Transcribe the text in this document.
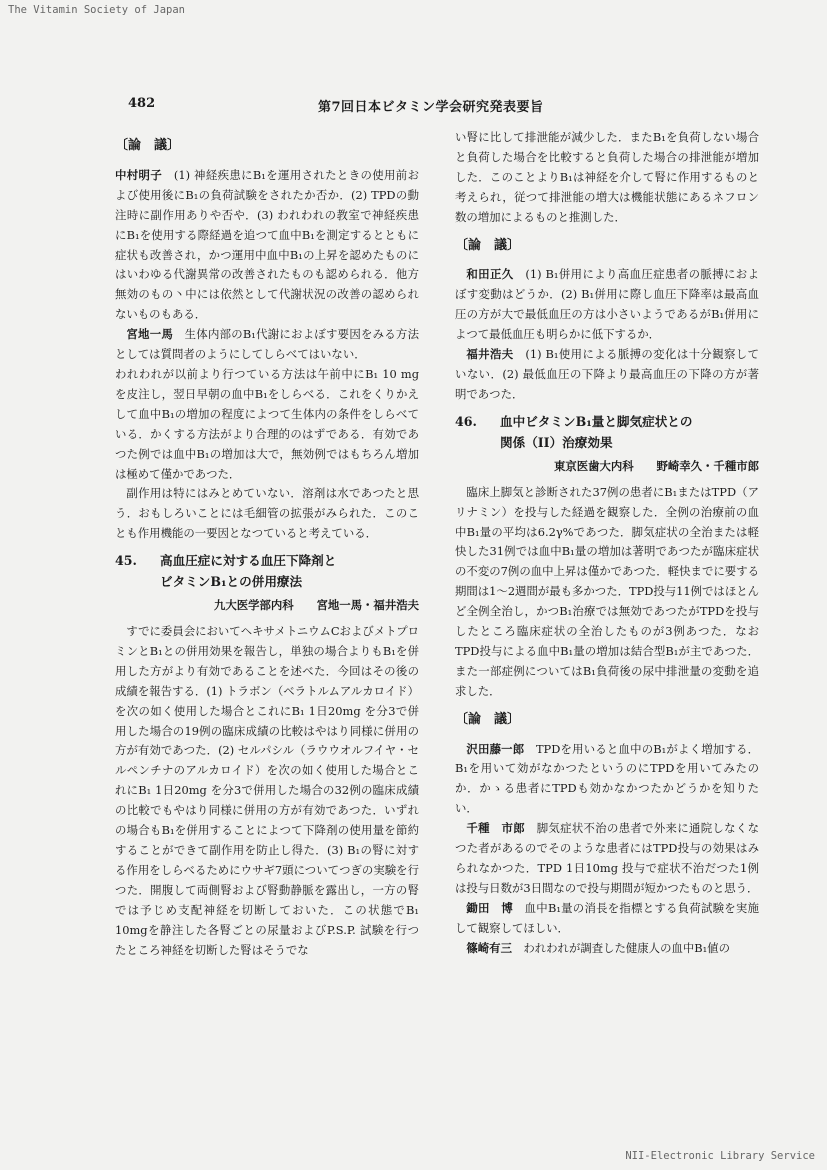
The Vitamin Society of Japan
482	第7回日本ビタミン学会研究発表要旨
〔論　議〕

中村明子　 (1) 神経疾患にB₁を運用されたときの使用前および使用後にB₁の負荷試験をされたか否か．(2) TPDの動注時に副作用ありや否や．(3) われわれの教室で神経疾患にB₁を使用する際経過を追つて血中B₁を測定するとともに症状も改善され，かつ運用中血中B₁の上昇を認めたものにはいわゆる代謝異常の改善されたものも認められる．他方無効のもの丶中には依然として代謝状況の改善の認められないものもある．

宮地一馬　 生体内部のB₁代謝におよぼす要因をみる方法としては質問者のようにしてしらべてはいない．

われわれが以前より行つている方法は午前中にB₁ 10 mg を皮注し，翌日早朝の血中B₁をしらべる．これをくりかえして血中B₁の増加の程度によつて生体内の条件をしらべている．かくする方法がより合理的のはずである．有効であつた例では血中B₁の増加は大で，無効例ではもちろん増加は極めて僅かであつた．

副作用は特にはみとめていない．溶剤は水であつたと思う．おもしろいことには毛細管の拡張がみられた．このことも作用機能の一要因となつていると考えている．

45. 高血圧症に対する血圧下降剤と
ビタミンB₁との併用療法
九大医学部内科　　宮地一馬・福井浩夫

すでに委員会においてヘキサメトニウムCおよびメトプロミンとB₁との併用効果を報告し，単独の場合よりもB₁を併用した方がより有効であることを述べた．今回はその後の成績を報告する．(1) トラボン（ベラトルムアルカロイド）を次の如く使用した場合とこれにB₁ 1日20mg を分3で併用した場合の19例の臨床成績の比較はやはり同様に併用の方が有効であつた．(2) セルパシル（ラウウオルフイヤ・セルペンチナのアルカロイド）を次の如く使用した場合とこれにB₁ 1日20mg を分3で併用した場合の32例の臨床成績の比較でもやはり同様に併用の方が有効であつた．いずれの場合もB₁を併用することによつて下降剤の使用量を節約することができて副作用を防止し得た．(3) B₁の腎に対する作用をしらべるためにウサギ7頭についてつぎの実験を行つた．開腹して両側腎および腎動静脈を露出し，一方の腎では予じめ支配神経を切断しておいた．この状態でB₁ 10mgを静注した各腎ごとの尿量およびP.S.P. 試験を行つたところ神経を切断した腎はそうでな

い腎に比して排泄能が減少した．またB₁を負荷しない場合と負荷した場合を比較すると負荷した場合の排泄能が増加した．このことよりB₁は神経を介して腎に作用するものと考えられ，従つて排泄能の増大は機能状態にあるネフロン数の増加によるものと推測した．

〔論　議〕

和田正久　 (1) B₁併用により高血圧症患者の脈搏におよぼす変動はどうか．(2) B₁併用に際し血圧下降率は最高血圧の方が大で最低血圧の方は小さいようであるがB₁併用によつて最低血圧も明らかに低下するか．

福井浩夫　 (1) B₁使用による脈搏の変化は十分観察していない．(2) 最低血圧の下降より最高血圧の下降の方が著明であつた．

46. 血中ビタミンB₁量と脚気症状との
関係（II）治療効果
東京医歯大内科　　野崎幸久・千種市郎

臨床上脚気と診断された37例の患者にB₁またはTPD（アリナミン）を投与した経過を観察した．全例の治療前の血中B₁量の平均は6.2γ%であつた．脚気症状の全治または軽快した31例では血中B₁量の増加は著明であつたが臨床症状の不変の7例の血中上昇は僅かであつた．軽快までに要する期間は1～2週間が最も多かつた．TPD投与11例ではほとんど全例全治し，かつB₁治療では無効であつたがTPDを投与したところ臨床症状の全治したものが3例あつた．なおTPD投与による血中B₁量の増加は結合型B₁が主であつた．また一部症例についてはB₁負荷後の尿中排泄量の変動を追求した．

〔論　議〕

沢田藤一郎　 TPDを用いると血中のB₁がよく増加する．B₁を用いて効がなかつたというのにTPDを用いてみたのか．かゝる患者にTPDも効かなかつたかどうかを知りたい．

千種　市郎　 脚気症状不治の患者で外来に通院しなくなつた者があるのでそのような患者にはTPD投与の効果はみられなかつた．TPD 1日10mg 投与で症状不治だつた1例は投与日数が3日間なので投与期間が短かつたものと思う．

鋤田　博　 血中B₁量の消長を指標とする負荷試験を実施して観察してほしい．

篠崎有三　 われわれが調査した健康人の血中B₁値の

NII-Electronic Library Service
